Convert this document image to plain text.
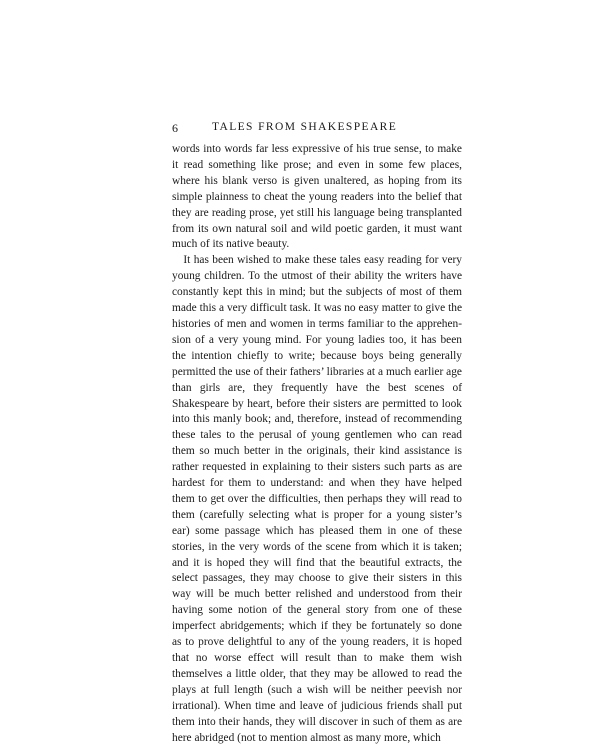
6	TALES FROM SHAKESPEARE

words into words far less expressive of his true sense, to make it read something like prose; and even in some few places, where his blank verso is given unaltered, as hoping from its simple plainness to cheat the young readers into the belief that they are reading prose, yet still his language being transplanted from its own natural soil and wild poetic garden, it must want much of its native beauty.

It has been wished to make these tales easy reading for very young children. To the utmost of their ability the writers have constantly kept this in mind; but the subjects of most of them made this a very difficult task. It was no easy matter to give the histories of men and women in terms familiar to the apprehension of a very young mind. For young ladies too, it has been the intention chiefly to write; because boys being generally permitted the use of their fathers’ libraries at a much earlier age than girls are, they frequently have the best scenes of Shakespeare by heart, before their sisters are permitted to look into this manly book; and, therefore, instead of recommending these tales to the perusal of young gentlemen who can read them so much better in the originals, their kind assistance is rather requested in explaining to their sisters such parts as are hardest for them to understand: and when they have helped them to get over the difficulties, then perhaps they will read to them (carefully selecting what is proper for a young sister’s ear) some passage which has pleased them in one of these stories, in the very words of the scene from which it is taken; and it is hoped they will find that the beautiful extracts, the select passages, they may choose to give their sisters in this way will be much better relished and understood from their having some notion of the general story from one of these imperfect abridgements; which if they be fortunately so done as to prove delightful to any of the young readers, it is hoped that no worse effect will result than to make them wish themselves a little older, that they may be allowed to read the plays at full length (such a wish will be neither peevish nor irrational). When time and leave of judicious friends shall put them into their hands, they will discover in such of them as are here abridged (not to mention almost as many more, which
